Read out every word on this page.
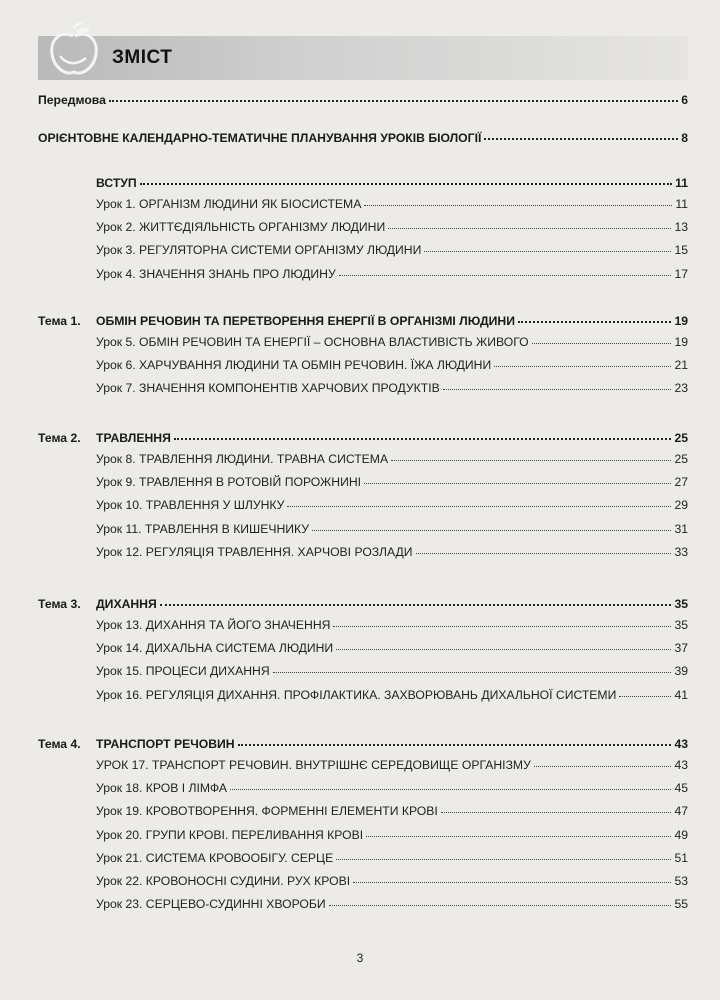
ЗМІСТ
Передмова	6
ОРІЄНТОВНЕ КАЛЕНДАРНО-ТЕМАТИЧНЕ ПЛАНУВАННЯ УРОКІВ БІОЛОГІЇ	8
ВСТУП	11
Урок 1. ОРГАНІЗМ ЛЮДИНИ ЯК БІОСИСТЕМА	11
Урок 2. ЖИТТЄДІЯЛЬНІСТЬ ОРГАНІЗМУ ЛЮДИНИ	13
Урок 3. РЕГУЛЯТОРНА СИСТЕМИ ОРГАНІЗМУ ЛЮДИНИ	15
Урок 4. ЗНАЧЕННЯ ЗНАНЬ ПРО ЛЮДИНУ	17
Тема 1.	ОБМІН РЕЧОВИН ТА ПЕРЕТВОРЕННЯ ЕНЕРГІЇ В ОРГАНІЗМІ ЛЮДИНИ	19
Урок 5. ОБМІН РЕЧОВИН ТА ЕНЕРГІЇ – ОСНОВНА ВЛАСТИВІСТЬ ЖИВОГО	19
Урок 6. ХАРЧУВАННЯ ЛЮДИНИ ТА ОБМІН РЕЧОВИН. ЇЖА ЛЮДИНИ	21
Урок 7. ЗНАЧЕННЯ КОМПОНЕНТІВ ХАРЧОВИХ ПРОДУКТІВ	23
Тема 2.	ТРАВЛЕННЯ	25
Урок 8. ТРАВЛЕННЯ ЛЮДИНИ. ТРАВНА СИСТЕМА	25
Урок 9. ТРАВЛЕННЯ В РОТОВІЙ ПОРОЖНИНІ	27
Урок 10. ТРАВЛЕННЯ У ШЛУНКУ	29
Урок 11. ТРАВЛЕННЯ В КИШЕЧНИКУ	31
Урок 12. РЕГУЛЯЦІЯ ТРАВЛЕННЯ. ХАРЧОВІ РОЗЛАДИ	33
Тема 3.	ДИХАННЯ	35
Урок 13. ДИХАННЯ ТА ЙОГО ЗНАЧЕННЯ	35
Урок 14. ДИХАЛЬНА СИСТЕМА ЛЮДИНИ	37
Урок 15. ПРОЦЕСИ ДИХАННЯ	39
Урок 16. РЕГУЛЯЦІЯ ДИХАННЯ. ПРОФІЛАКТИКА. ЗАХВОРЮВАНЬ ДИХАЛЬНОЇ СИСТЕМИ	41
Тема 4.	ТРАНСПОРТ РЕЧОВИН	43
УРОК 17. ТРАНСПОРТ РЕЧОВИН. ВНУТРІШНЄ СЕРЕДОВИЩЕ ОРГАНІЗМУ	43
Урок 18. КРОВ І ЛІМФА	45
Урок 19. КРОВОТВОРЕННЯ. ФОРМЕННІ ЕЛЕМЕНТИ КРОВІ	47
Урок 20. ГРУПИ КРОВІ. ПЕРЕЛИВАННЯ КРОВІ	49
Урок 21. СИСТЕМА КРОВООБІГУ. СЕРЦЕ	51
Урок 22. КРОВОНОСНІ СУДИНИ. РУХ КРОВІ	53
Урок 23. СЕРЦЕВО-СУДИННІ ХВОРОБИ	55
3
